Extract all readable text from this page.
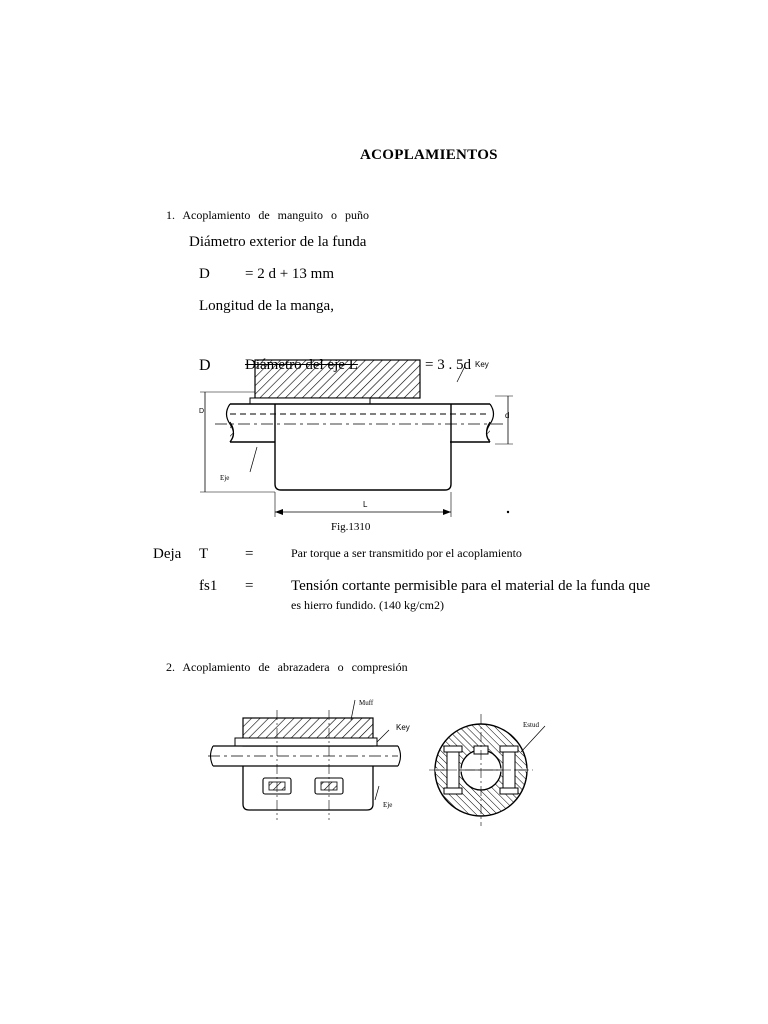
ACOPLAMIENTOS
1. Acoplamiento de manguito o puño
Diámetro exterior de la funda
D = 2 d + 13 mm
Longitud de la manga,
D Diámetro del eje L	= 3 . 5d Key
D	d
Eje
L
Fig.1310
Deja T =	Par torque a ser transmitido por el acoplamiento
fs1 =	Tensión cortante permisible para el material de la funda que
es hierro fundido. (140 kg/cm2)
2. Acoplamiento de abrazadera o compresión
Muff
Key
Eje
Estud
